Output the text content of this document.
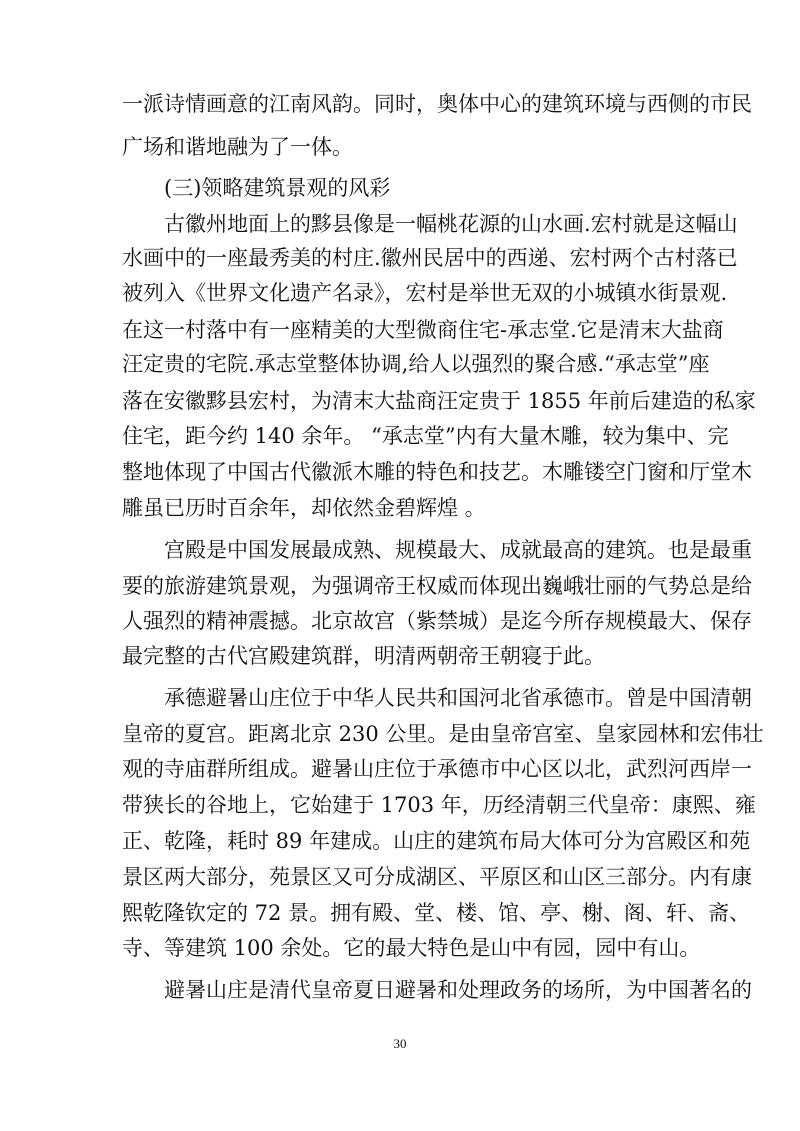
一派诗情画意的江南风韵。同时，奥体中心的建筑环境与西侧的市民
广场和谐地融为了一体。
(三)领略建筑景观的风彩
古徽州地面上的黟县像是一幅桃花源的山水画.宏村就是这幅山
水画中的一座最秀美的村庄.徽州民居中的西递、宏村两个古村落已
被列入《世界文化遗产名录》，宏村是举世无双的小城镇水街景观.
在这一村落中有一座精美的大型微商住宅-承志堂.它是清末大盐商
汪定贵的宅院.承志堂整体协调,给人以强烈的聚合感.“承志堂”座
落在安徽黟县宏村，为清末大盐商汪定贵于 1855 年前后建造的私家
住宅，距今约 140 余年。 “承志堂”内有大量木雕，较为集中、完
整地体现了中国古代徽派木雕的特色和技艺。木雕镂空门窗和厅堂木
雕虽已历时百余年，却依然金碧辉煌 。
宫殿是中国发展最成熟、规模最大、成就最高的建筑。也是最重
要的旅游建筑景观，为强调帝王权威而体现出巍峨壮丽的气势总是给
人强烈的精神震撼。北京故宫（紫禁城）是迄今所存规模最大、保存
最完整的古代宫殿建筑群，明清两朝帝王朝寝于此。
承德避暑山庄位于中华人民共和国河北省承德市。曾是中国清朝
皇帝的夏宫。距离北京 230 公里。是由皇帝宫室、皇家园林和宏伟壮
观的寺庙群所组成。避暑山庄位于承德市中心区以北，武烈河西岸一
带狭长的谷地上，它始建于 1703 年，历经清朝三代皇帝：康熙、雍
正、乾隆，耗时 89 年建成。山庄的建筑布局大体可分为宫殿区和苑
景区两大部分，苑景区又可分成湖区、平原区和山区三部分。内有康
熙乾隆钦定的 72 景。拥有殿、堂、楼、馆、亭、榭、阁、轩、斋、
寺、等建筑 100 余处。它的最大特色是山中有园，园中有山。
避暑山庄是清代皇帝夏日避暑和处理政务的场所，为中国著名的
30
